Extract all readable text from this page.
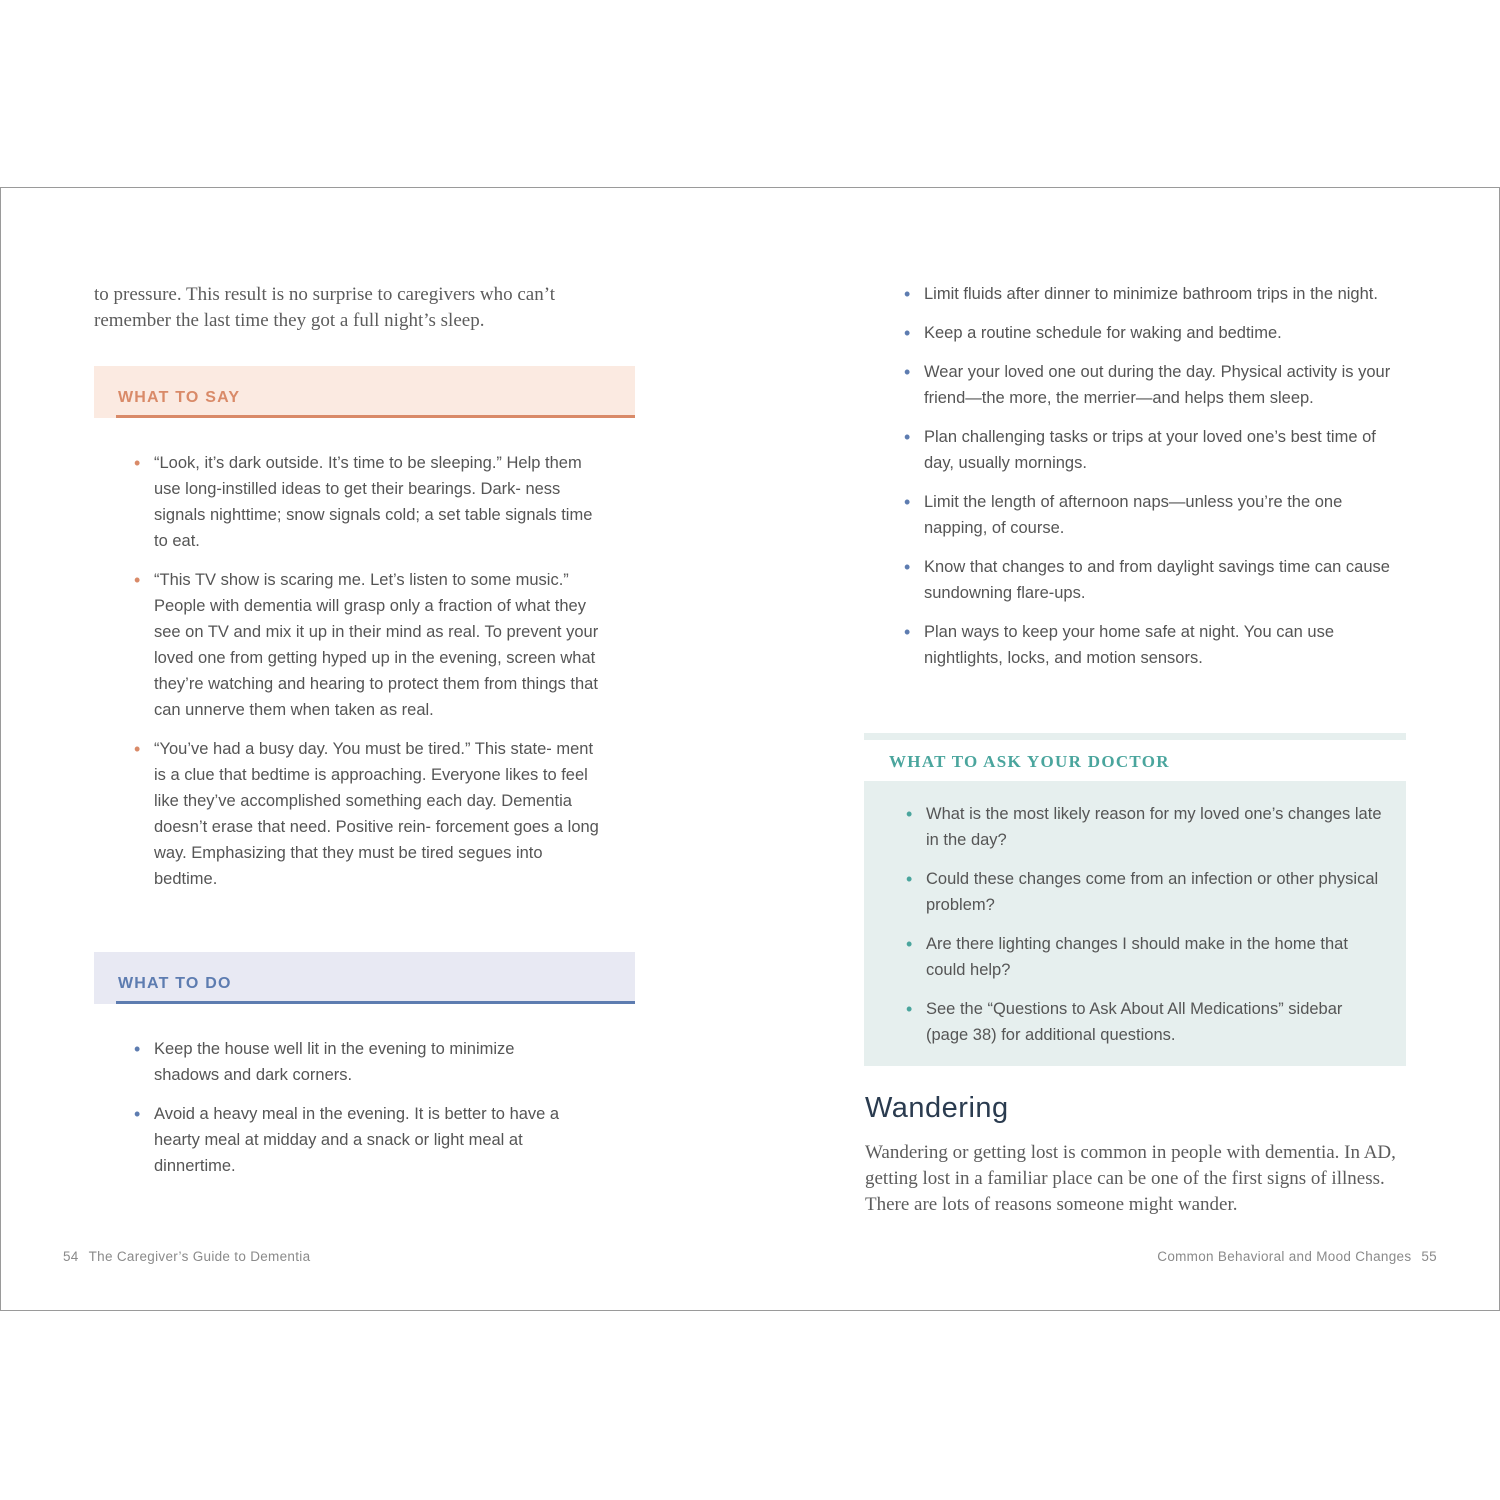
to pressure. This result is no surprise to caregivers who can’t remember the last time they got a full night’s sleep.

WHAT TO SAY
• “Look, it’s dark outside. It’s time to be sleeping.” Help them use long-instilled ideas to get their bearings. Dark- ness signals nighttime; snow signals cold; a set table signals time to eat.
• “This TV show is scaring me. Let’s listen to some music.” People with dementia will grasp only a fraction of what they see on TV and mix it up in their mind as real. To prevent your loved one from getting hyped up in the evening, screen what they’re watching and hearing to protect them from things that can unnerve them when taken as real.
• “You’ve had a busy day. You must be tired.” This state- ment is a clue that bedtime is approaching. Everyone likes to feel like they’ve accomplished something each day. Dementia doesn’t erase that need. Positive rein- forcement goes a long way. Emphasizing that they must be tired segues into bedtime.
WHAT TO DO
• Keep the house well lit in the evening to minimize shadows and dark corners.
• Avoid a heavy meal in the evening. It is better to have a hearty meal at midday and a snack or light meal at dinnertime.
54 The Caregiver’s Guide to Dementia
• Limit fluids after dinner to minimize bathroom trips in the night.
• Keep a routine schedule for waking and bedtime.
• Wear your loved one out during the day. Physical activity is your friend—the more, the merrier—and helps them sleep.
• Plan challenging tasks or trips at your loved one’s best time of day, usually mornings.
• Limit the length of afternoon naps—unless you’re the one napping, of course.
• Know that changes to and from daylight savings time can cause sundowning flare-ups.
• Plan ways to keep your home safe at night. You can use nightlights, locks, and motion sensors.
WHAT TO ASK YOUR DOCTOR
• What is the most likely reason for my loved one’s changes late in the day?
• Could these changes come from an infection or other physical problem?
• Are there lighting changes I should make in the home that could help?
• See the “Questions to Ask About All Medications” sidebar (page 38) for additional questions.
Wandering

Wandering or getting lost is common in people with dementia. In AD, getting lost in a familiar place can be one of the first signs of illness. There are lots of reasons someone might wander.

Common Behavioral and Mood Changes 55
